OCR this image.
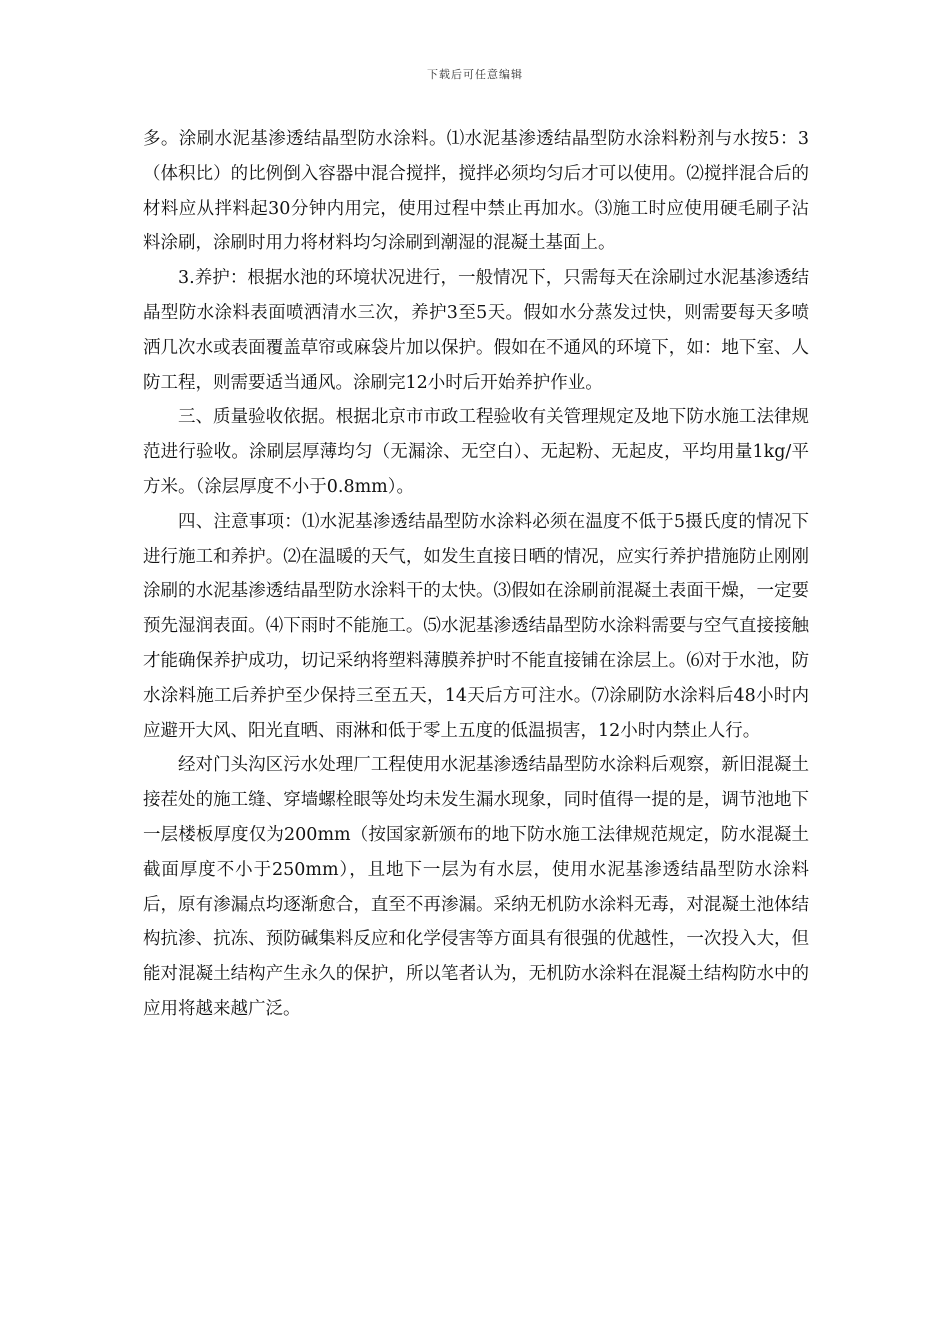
下载后可任意编辑

多。涂刷水泥基渗透结晶型防水涂料。⑴水泥基渗透结晶型防水涂料粉剂与水按5：3（体积比）的比例倒入容器中混合搅拌，搅拌必须均匀后才可以使用。⑵搅拌混合后的材料应从拌料起30分钟内用完，使用过程中禁止再加水。⑶施工时应使用硬毛刷子沾料涂刷，涂刷时用力将材料均匀涂刷到潮湿的混凝土基面上。

3.养护：根据水池的环境状况进行，一般情况下，只需每天在涂刷过水泥基渗透结晶型防水涂料表面喷洒清水三次，养护3至5天。假如水分蒸发过快，则需要每天多喷洒几次水或表面覆盖草帘或麻袋片加以保护。假如在不通风的环境下，如：地下室、人防工程，则需要适当通风。涂刷完12小时后开始养护作业。

三、质量验收依据。根据北京市市政工程验收有关管理规定及地下防水施工法律规范进行验收。涂刷层厚薄均匀（无漏涂、无空白）、无起粉、无起皮，平均用量1kg/平方米。（涂层厚度不小于0.8mm）。

四、注意事项：⑴水泥基渗透结晶型防水涂料必须在温度不低于5摄氏度的情况下进行施工和养护。⑵在温暖的天气，如发生直接日晒的情况，应实行养护措施防止刚刚涂刷的水泥基渗透结晶型防水涂料干的太快。⑶假如在涂刷前混凝土表面干燥，一定要预先湿润表面。⑷下雨时不能施工。⑸水泥基渗透结晶型防水涂料需要与空气直接接触才能确保养护成功，切记采纳将塑料薄膜养护时不能直接铺在涂层上。⑹对于水池，防水涂料施工后养护至少保持三至五天，14天后方可注水。⑺涂刷防水涂料后48小时内应避开大风、阳光直晒、雨淋和低于零上五度的低温损害，12小时内禁止人行。

经对门头沟区污水处理厂工程使用水泥基渗透结晶型防水涂料后观察，新旧混凝土接茬处的施工缝、穿墙螺栓眼等处均未发生漏水现象，同时值得一提的是，调节池地下一层楼板厚度仅为200mm（按国家新颁布的地下防水施工法律规范规定，防水混凝土截面厚度不小于250mm），且地下一层为有水层，使用水泥基渗透结晶型防水涂料后，原有渗漏点均逐渐愈合，直至不再渗漏。采纳无机防水涂料无毒，对混凝土池体结构抗渗、抗冻、预防碱集料反应和化学侵害等方面具有很强的优越性，一次投入大，但能对混凝土结构产生永久的保护，所以笔者认为，无机防水涂料在混凝土结构防水中的应用将越来越广泛。
